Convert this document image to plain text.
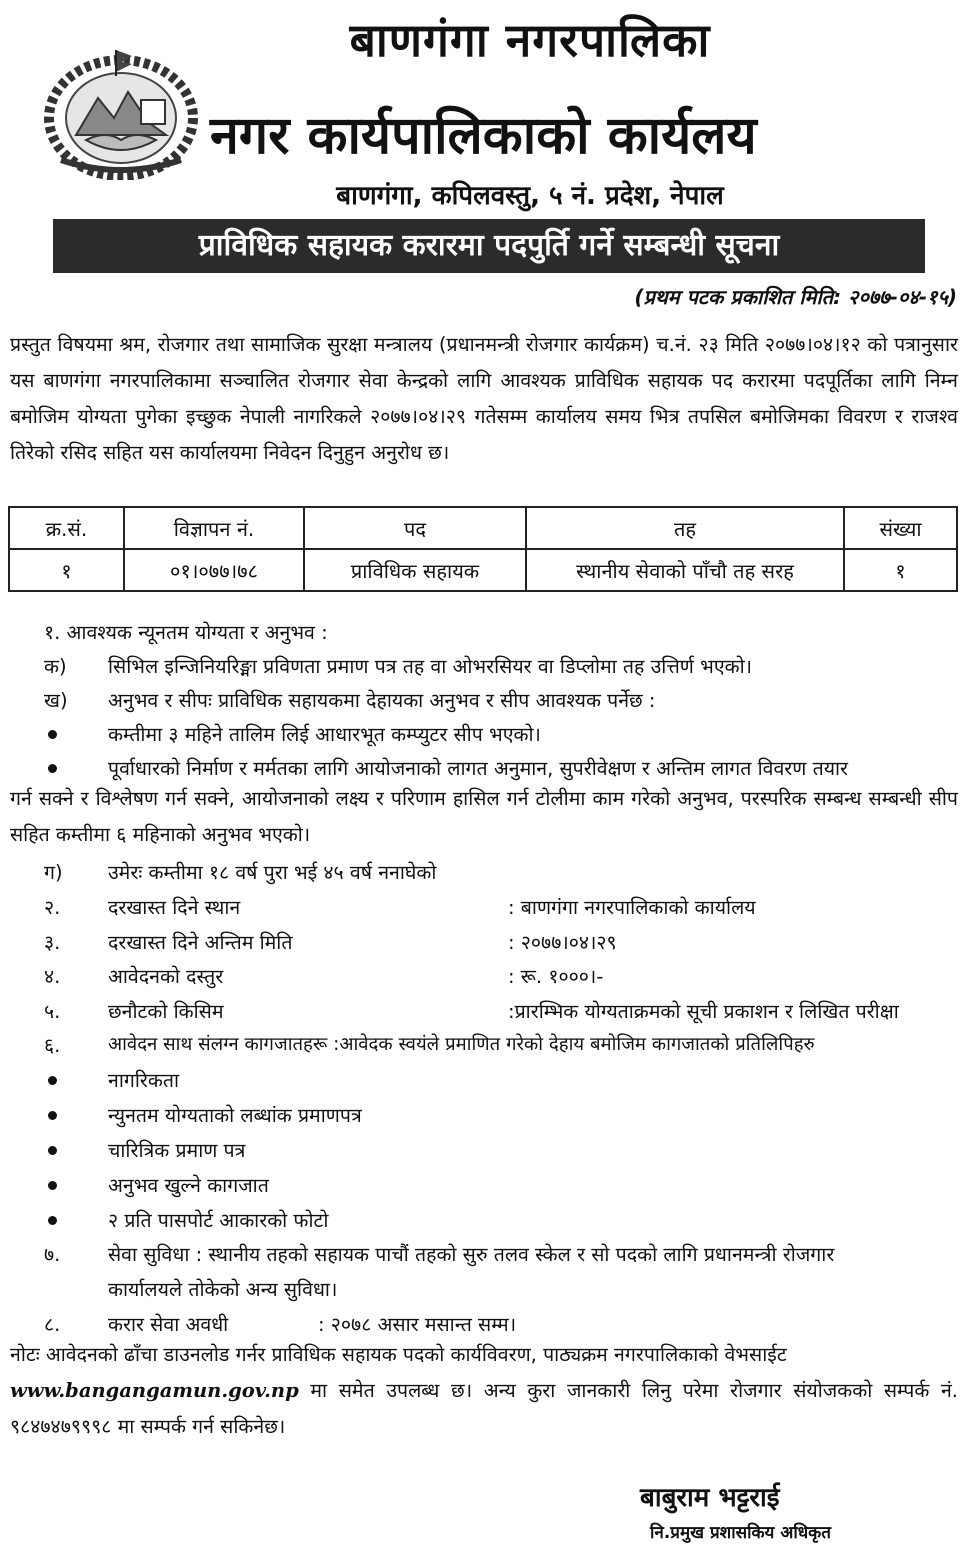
बाणगंगा नगरपालिका
नगर कार्यपालिकाको कार्यलय
बाणगंगा, कपिलवस्तु, ५ नं. प्रदेश, नेपाल
प्राविधिक सहायक करारमा पदपुर्ति गर्ने सम्बन्धी सूचना
(प्रथम पटक प्रकाशित मिति: २०७७-०४-१५)
प्रस्तुत विषयमा श्रम, रोजगार तथा सामाजिक सुरक्षा मन्त्रालय (प्रधानमन्त्री रोजगार कार्यक्रम) च.नं. २३ मिति २०७७।०४।१२ को पत्रानुसार यस बाणगंगा नगरपालिकामा सञ्चालित रोजगार सेवा केन्द्रको लागि आवश्यक प्राविधिक सहायक पद करारमा पदपूर्तिका लागि निम्न बमोजिम योग्यता पुगेका इच्छुक नेपाली नागरिकले २०७७।०४।२९ गतेसम्म कार्यालय समय भित्र तपसिल बमोजिमका विवरण र राजश्व तिरेको रसिद सहित यस कार्यालयमा निवेदन दिनुहुन अनुरोध छ।
क्र.सं.	विज्ञापन नं.	पद	तह	संख्या
१	०१।०७७।७८	प्राविधिक सहायक	स्थानीय सेवाको पाँचौ तह सरह	१
१. आवश्यक न्यूनतम योग्यता र अनुभव :
क) सिभिल इन्जिनियरिङ्मा प्रविणता प्रमाण पत्र तह वा ओभरसियर वा डिप्लोमा तह उत्तिर्ण भएको।
ख) अनुभव र सीपः प्राविधिक सहायकमा देहायका अनुभव र सीप आवश्यक पर्नेछ :
कम्तीमा ३ महिने तालिम लिई आधारभूत कम्प्युटर सीप भएको।
पूर्वाधारको निर्माण र मर्मतका लागि आयोजनाको लागत अनुमान, सुपरीवेक्षण र अन्तिम लागत विवरण तयार
गर्न सक्ने र विश्लेषण गर्न सक्ने, आयोजनाको लक्ष्य र परिणाम हासिल गर्न टोलीमा काम गरेको अनुभव, परस्परिक सम्बन्ध सम्बन्धी सीप सहित कम्तीमा ६ महिनाको अनुभव भएको।
ग) उमेरः कम्तीमा १८ वर्ष पुरा भई ४५ वर्ष ननाघेको
२. दरखास्त दिने स्थान	: बाणगंगा नगरपालिकाको कार्यालय
३. दरखास्त दिने अन्तिम मिति	: २०७७।०४।२९
४. आवेदनको दस्तुर	: रू. १०००।-
५. छनौटको किसिम	:प्रारम्भिक योग्यताक्रमको सूची प्रकाशन र लिखित परीक्षा
६.	आवेदन साथ संलग्न कागजातहरू :आवेदक स्वयंले प्रमाणित गरेको देहाय बमोजिम कागजातको प्रतिलिपिहरु
नागरिकता
न्युनतम योग्यताको लब्धांक प्रमाणपत्र
चारित्रिक प्रमाण पत्र
अनुभव खुल्ने कागजात
२ प्रति पासपोर्ट आकारको फोटो
७. सेवा सुविधा : स्थानीय तहको सहायक पाचौं तहको सुरु तलव स्केल र सो पदको लागि प्रधानमन्त्री रोजगार
कार्यालयले तोकेको अन्य सुविधा।
८. करार सेवा अवधी	: २०७८ असार मसान्त सम्म।
नोटः आवेदनको ढाँचा डाउनलोड गर्नर प्राविधिक सहायक पदको कार्यविवरण, पाठ्यक्रम नगरपालिकाको वेभसाईट
www.bangangamun.gov.np मा समेत उपलब्ध छ। अन्य कुरा जानकारी लिनु परेमा रोजगार संयोजकको सम्पर्क नं. ९८४७४७९९९८ मा सम्पर्क गर्न सकिनेछ।
बाबुराम भट्टराई
नि.प्रमुख प्रशासकिय अधिकृत
